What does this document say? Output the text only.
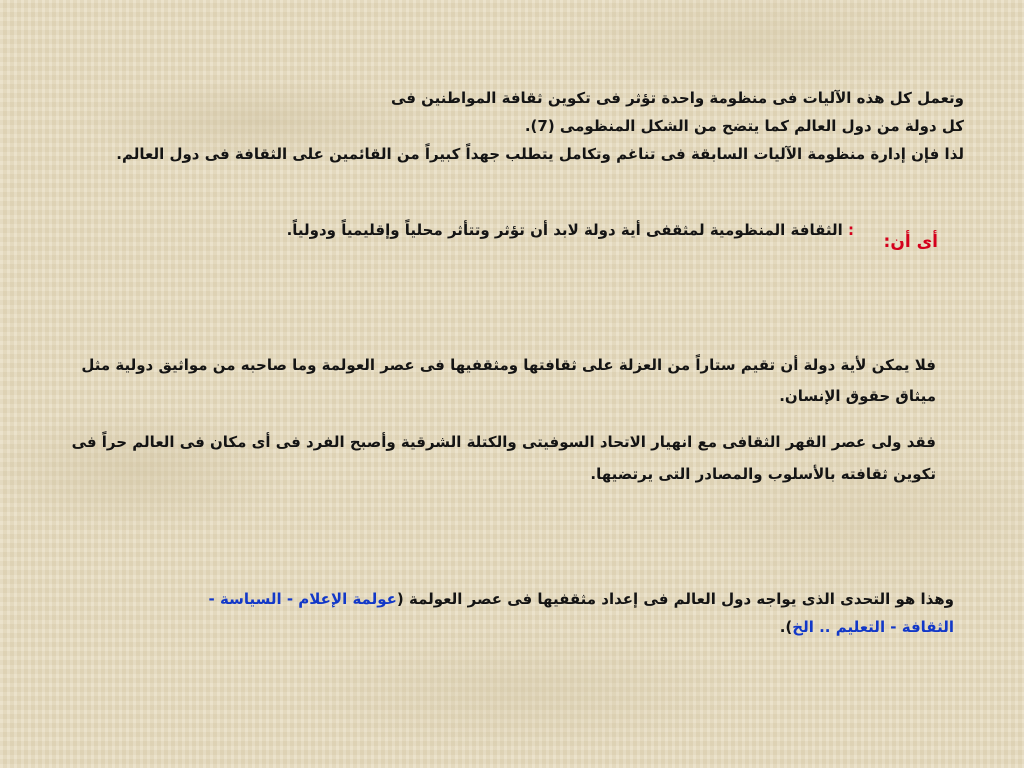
وتعمل كل هذه الآليات فى منظومة واحدة تؤثر فى تكوين ثقافة المواطنين فى
كل دولة من دول العالم كما يتضح من الشكل المنظومى (7).
لذا فإن إدارة منظومة الآليات السابقة فى تناغم وتكامل يتطلب جهداً كبيراً من القائمين على الثقافة فى دول العالم.
أى أن:
: الثقافة المنظومية لمثقفى أية دولة لابد أن تؤثر وتتأثر محلياً وإقليمياً ودولياً.
فلا يمكن لأية دولة أن تقيم ستاراً من العزلة على ثقافتها ومثقفيها فى عصر العولمة وما صاحبه من مواثيق دولية مثل
ميثاق حقوق الإنسان.
فقد ولى عصر القهر الثقافى مع انهيار الاتحاد السوفيتى والكتلة الشرقية وأصبح الفرد فى أى مكان فى العالم حراً فى
تكوين ثقافته بالأسلوب والمصادر التى يرتضيها.
وهذا هو التحدى الذى يواجه دول العالم فى إعداد مثقفيها فى عصر العولمة (عولمة الإعلام - السياسة -
الثقافة - التعليم .. الخ).
